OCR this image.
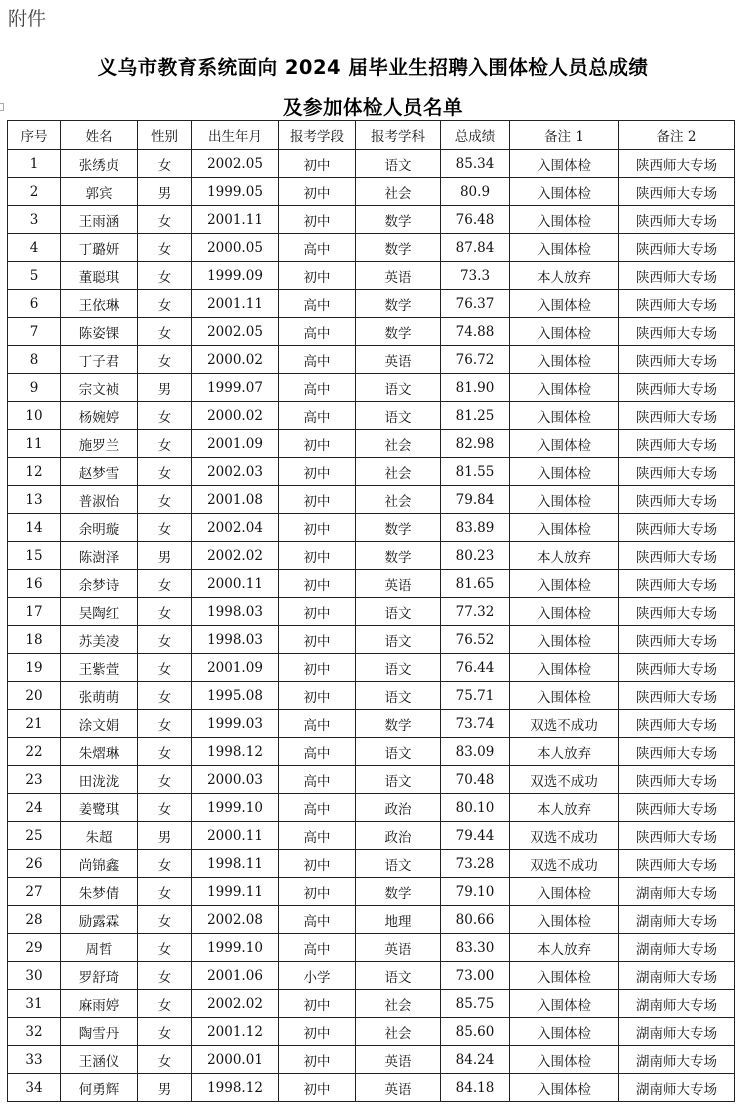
附件
义乌市教育系统面向 2024 届毕业生招聘入围体检人员总成绩
及参加体检人员名单
序号	姓名	性别	出生年月	报考学段	报考学科	总成绩	备注 1	备注 2
1	张绣贞	女	2002.05	初中	语文	85.34	入围体检	陕西师大专场
2	郭宾	男	1999.05	初中	社会	80.9	入围体检	陕西师大专场
3	王雨涵	女	2001.11	初中	数学	76.48	入围体检	陕西师大专场
4	丁璐妍	女	2000.05	高中	数学	87.84	入围体检	陕西师大专场
5	董聪琪	女	1999.09	初中	英语	73.3	本人放弃	陕西师大专场
6	王依琳	女	2001.11	高中	数学	76.37	入围体检	陕西师大专场
7	陈姿锞	女	2002.05	高中	数学	74.88	入围体检	陕西师大专场
8	丁子君	女	2000.02	高中	英语	76.72	入围体检	陕西师大专场
9	宗文祯	男	1999.07	高中	语文	81.90	入围体检	陕西师大专场
10	杨婉婷	女	2000.02	高中	语文	81.25	入围体检	陕西师大专场
11	施罗兰	女	2001.09	初中	社会	82.98	入围体检	陕西师大专场
12	赵梦雪	女	2002.03	初中	社会	81.55	入围体检	陕西师大专场
13	普淑怡	女	2001.08	初中	社会	79.84	入围体检	陕西师大专场
14	余明璇	女	2002.04	初中	数学	83.89	入围体检	陕西师大专场
15	陈澍泽	男	2002.02	初中	数学	80.23	本人放弃	陕西师大专场
16	余梦诗	女	2000.11	初中	英语	81.65	入围体检	陕西师大专场
17	吴陶红	女	1998.03	初中	语文	77.32	入围体检	陕西师大专场
18	苏美凌	女	1998.03	初中	语文	76.52	入围体检	陕西师大专场
19	王紫萱	女	2001.09	初中	语文	76.44	入围体检	陕西师大专场
20	张萌萌	女	1995.08	初中	语文	75.71	入围体检	陕西师大专场
21	涂文娟	女	1999.03	高中	数学	73.74	双选不成功	陕西师大专场
22	朱熠琳	女	1998.12	高中	语文	83.09	本人放弃	陕西师大专场
23	田泷泷	女	2000.03	高中	语文	70.48	双选不成功	陕西师大专场
24	姜鹭琪	女	1999.10	高中	政治	80.10	本人放弃	陕西师大专场
25	朱超	男	2000.11	高中	政治	79.44	双选不成功	陕西师大专场
26	尚锦鑫	女	1998.11	初中	语文	73.28	双选不成功	陕西师大专场
27	朱梦倩	女	1999.11	初中	数学	79.10	入围体检	湖南师大专场
28	励露霖	女	2002.08	高中	地理	80.66	入围体检	湖南师大专场
29	周哲	女	1999.10	高中	英语	83.30	本人放弃	湖南师大专场
30	罗舒琦	女	2001.06	小学	语文	73.00	入围体检	湖南师大专场
31	麻雨婷	女	2002.02	初中	社会	85.75	入围体检	湖南师大专场
32	陶雪丹	女	2001.12	初中	社会	85.60	入围体检	湖南师大专场
33	王涵仪	女	2000.01	初中	英语	84.24	入围体检	湖南师大专场
34	何勇辉	男	1998.12	初中	英语	84.18	入围体检	湖南师大专场
